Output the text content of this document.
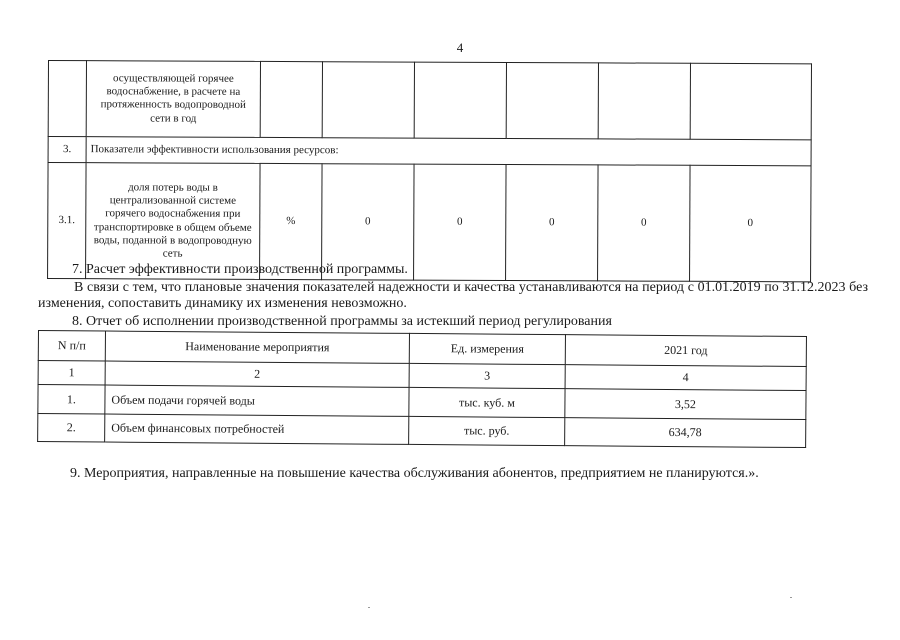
4
	осуществляющей горячее водоснабжение, в расчете на протяженность водопроводной сети в год						
3.	Показатели эффективности использования ресурсов:						
3.1.	доля потерь воды в централизованной системе горячего водоснабжения при транспортировке в общем объеме воды, поданной в водопроводную сеть	%	0	0	0	0	0
7. Расчет эффективности производственной программы.
В связи с тем, что плановые значения показателей надежности и качества устанавливаются на период с 01.01.2019 по 31.12.2023 без изменения, сопоставить динамику их изменения невозможно.
8. Отчет об исполнении производственной программы за истекший период регулирования
N п/п	Наименование мероприятия	Ед. измерения	2021 год
1	2	3	4
1.	Объем подачи горячей воды	тыс. куб. м	3,52
2.	Объем финансовых потребностей	тыс. руб.	634,78
9. Мероприятия, направленные на повышение качества обслуживания абонентов, предприятием не планируются.».
